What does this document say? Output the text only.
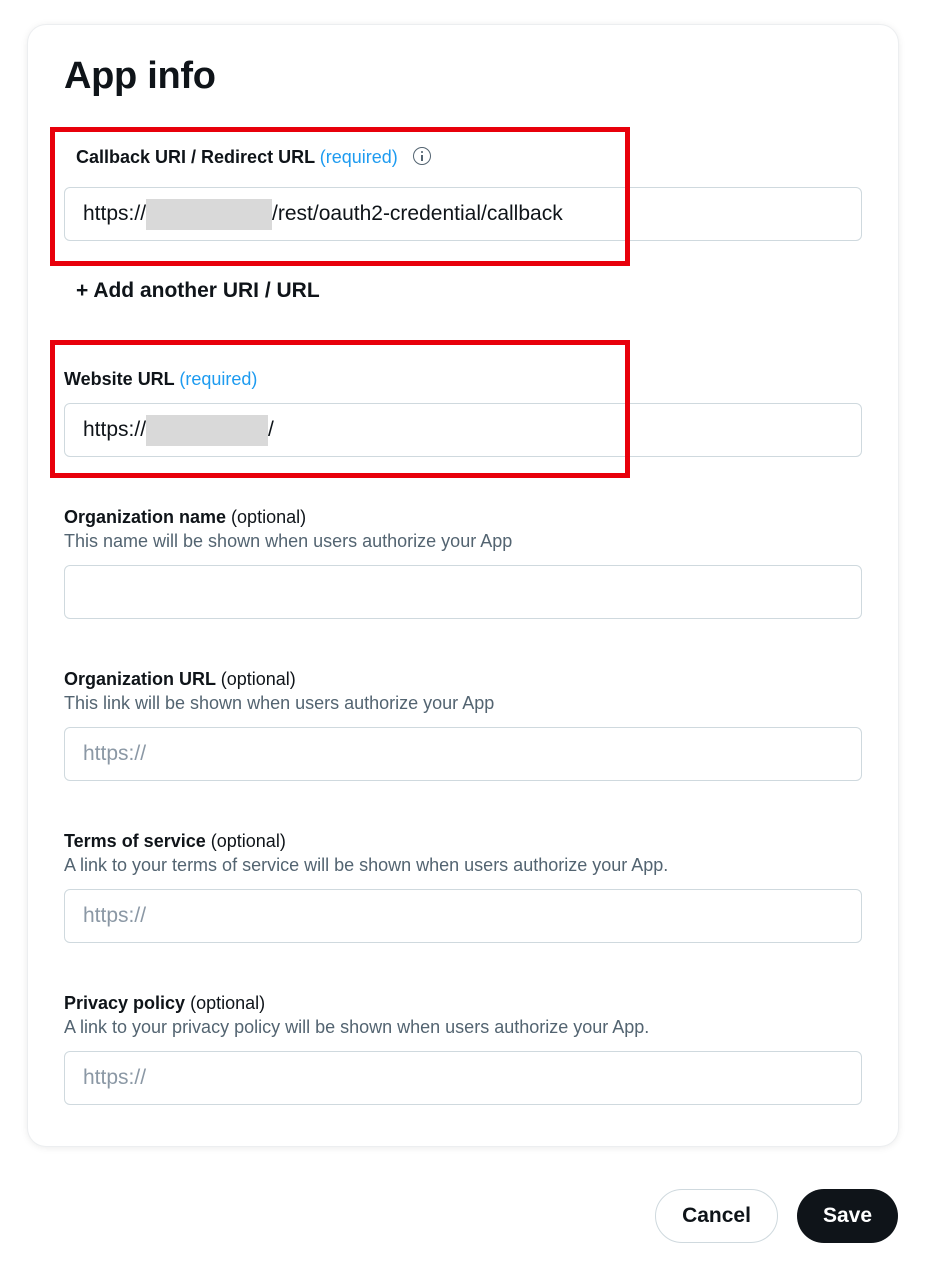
App info
Callback URI / Redirect URL (required)
https://	/rest/oauth2-credential/callback
+ Add another URI / URL
Website URL (required)
https://	/
Organization name (optional)
This name will be shown when users authorize your App
Organization URL (optional)
This link will be shown when users authorize your App
https://
Terms of service (optional)
A link to your terms of service will be shown when users authorize your App.
https://
Privacy policy (optional)
A link to your privacy policy will be shown when users authorize your App.
https://
Cancel	Save
